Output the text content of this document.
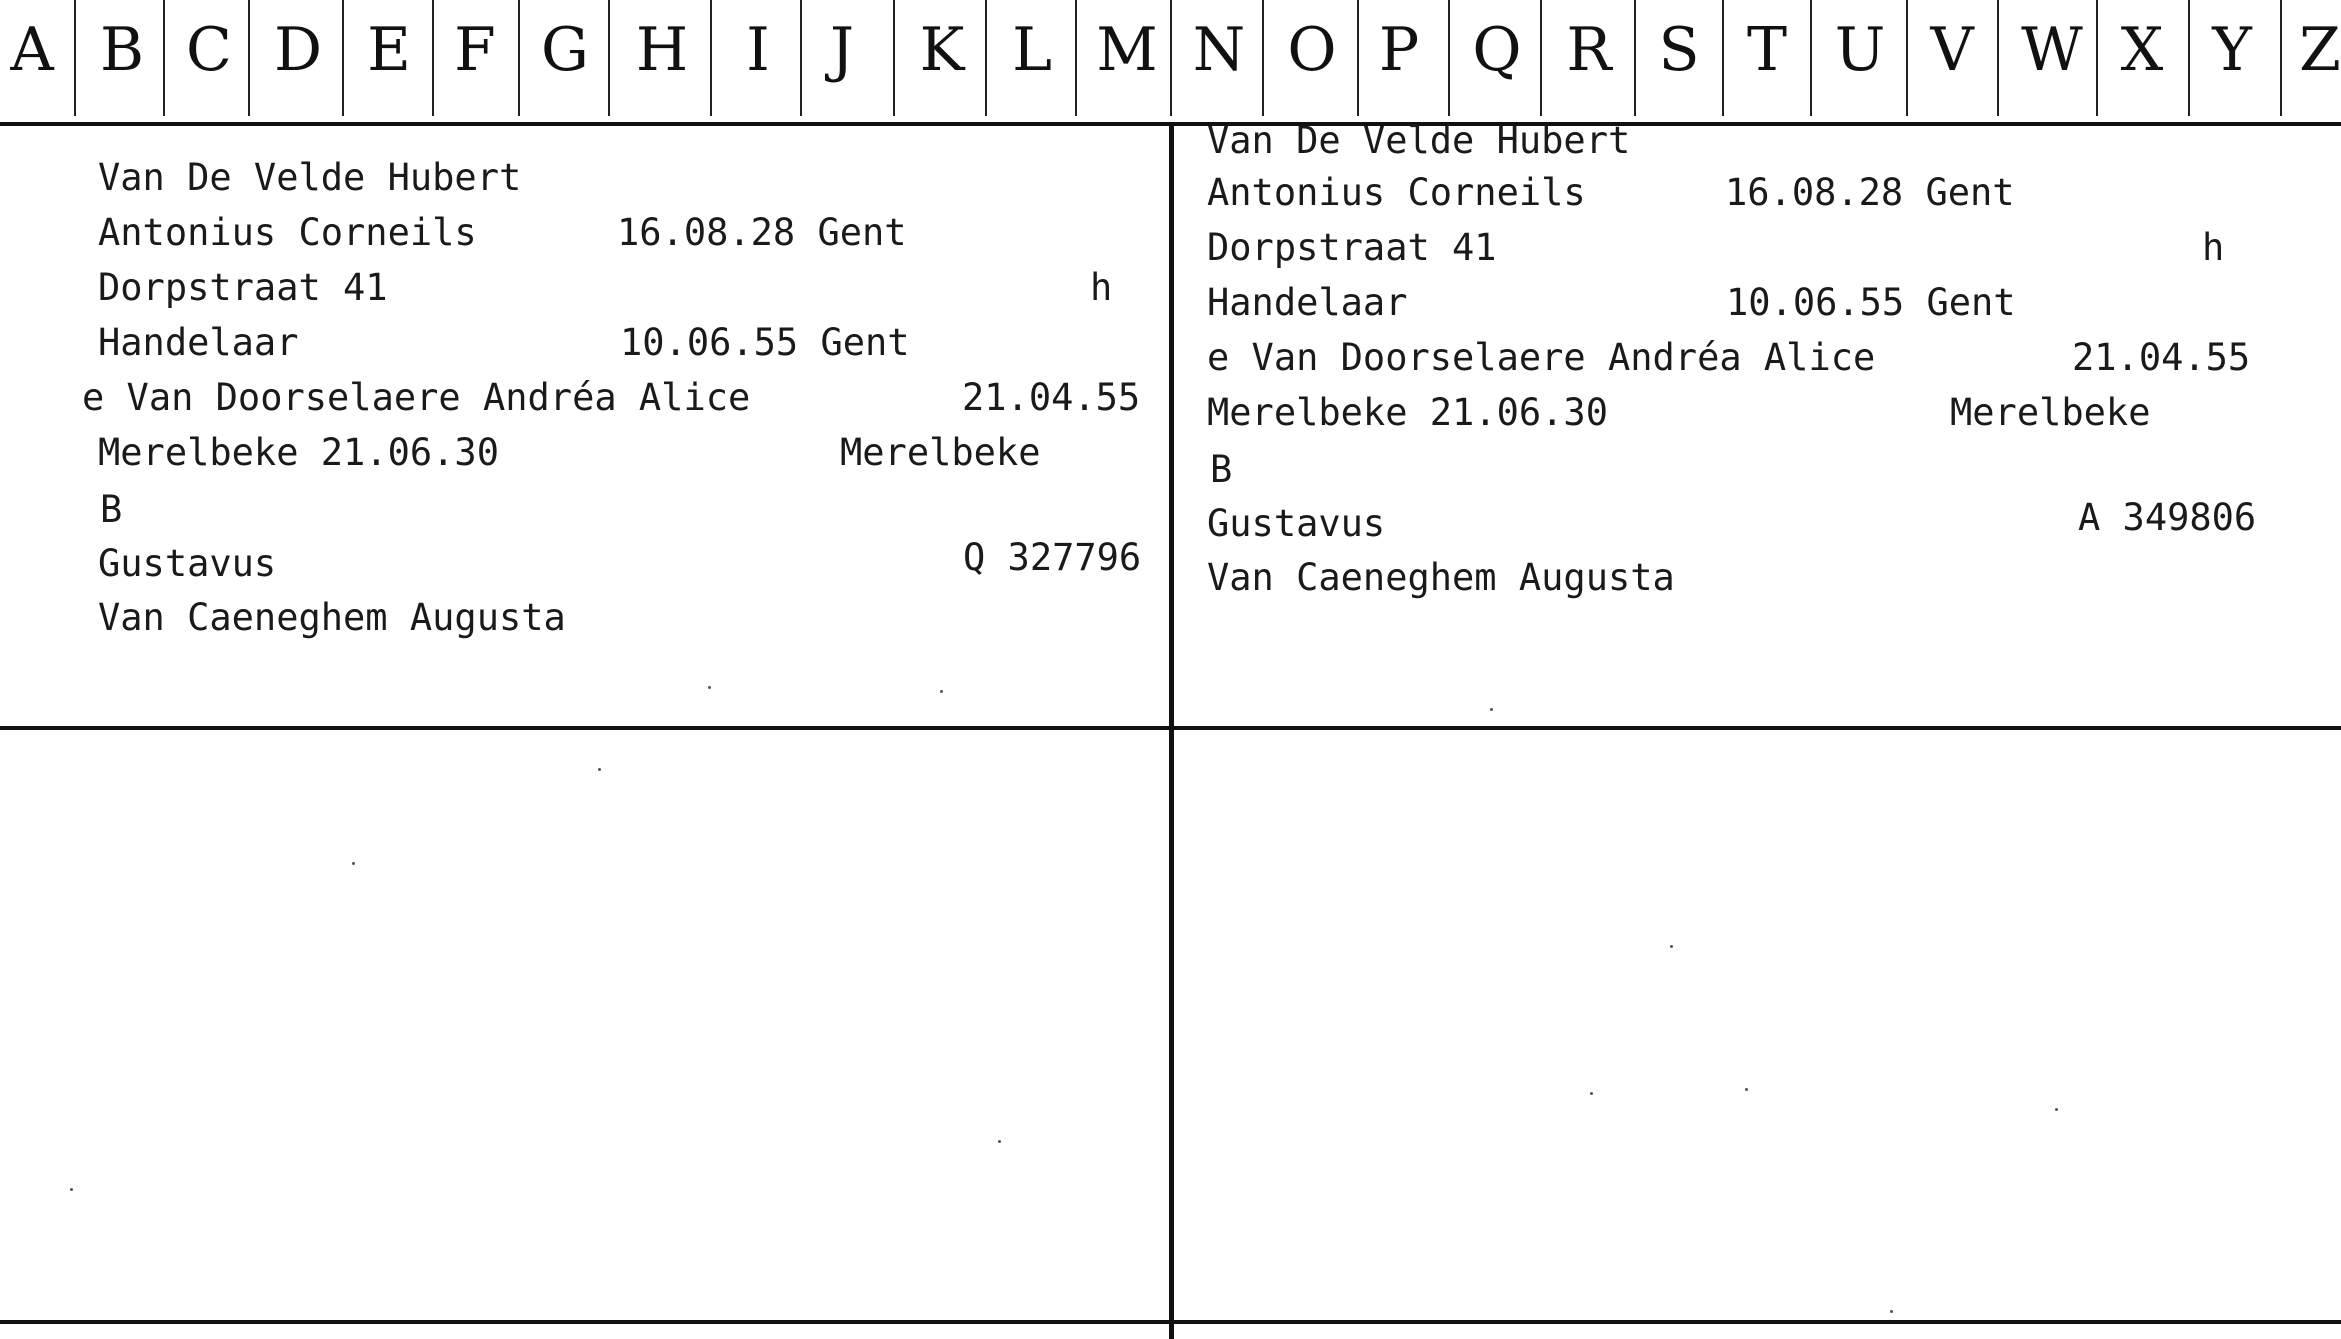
A B C D E F G H I	J	K L M N O P Q R S T U V W X Y Z
Van De Velde Hubert
Antonius Corneils	16.08.28 Gent
Dorpstraat 41	h
Handelaar	10.06.55 Gent
e Van Doorselaere Andréa Alice	21.04.55
Merelbeke 21.06.30	Merelbeke
B
Gustavus	Q 327796
Van Caeneghem Augusta
Van De Velde Hubert
Antonius Corneils	16.08.28 Gent
Dorpstraat 41	h
Handelaar	10.06.55 Gent
e Van Doorselaere Andréa Alice	21.04.55
Merelbeke 21.06.30	Merelbeke
B
Gustavus	A 349806
Van Caeneghem Augusta
